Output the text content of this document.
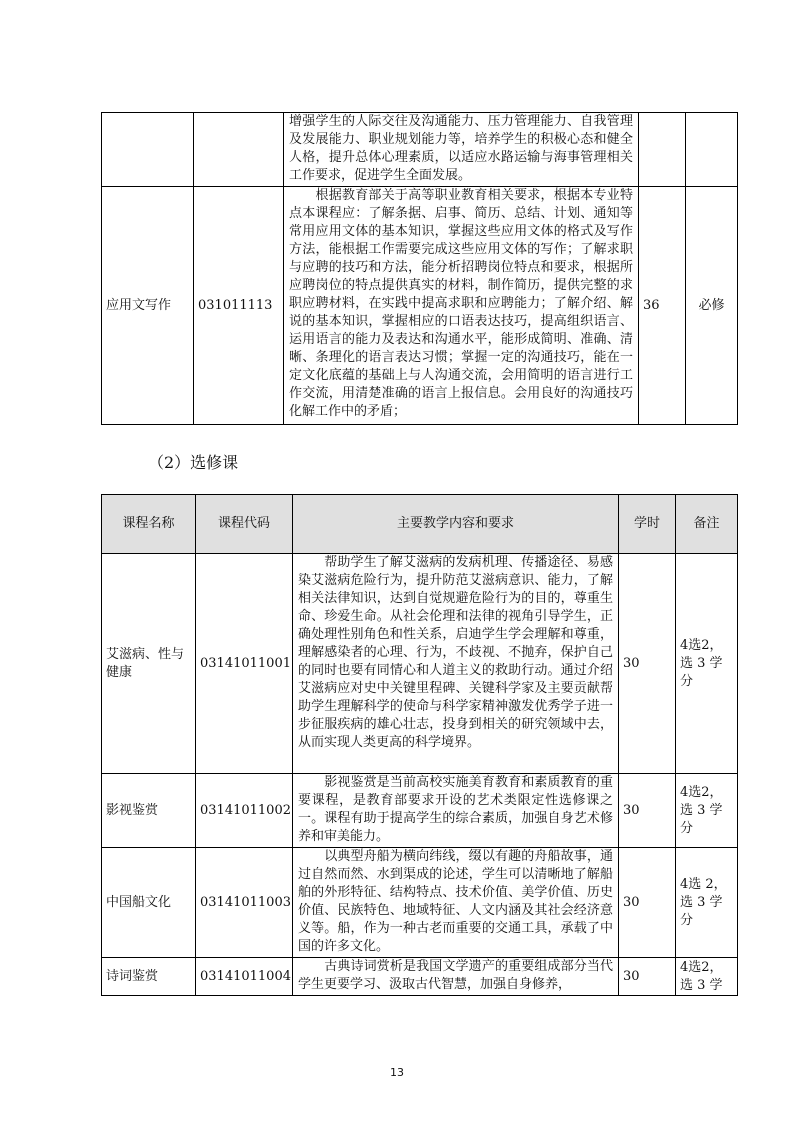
		增强学生的人际交往及沟通能力、压力管理能力、自我管理及发展能力、职业规划能力等，培养学生的积极心态和健全人格，提升总体心理素质，以适应水路运输与海事管理相关工作要求，促进学生全面发展。		
应用文写作	031011113	　　根据教育部关于高等职业教育相关要求，根据本专业特点本课程应：了解条据、启事、简历、总结、计划、通知等常用应用文体的基本知识，掌握这些应用文体的格式及写作方法，能根据工作需要完成这些应用文体的写作；了解求职与应聘的技巧和方法，能分析招聘岗位特点和要求，根据所应聘岗位的特点提供真实的材料，制作简历，提供完整的求职应聘材料，在实践中提高求职和应聘能力；了解介绍、解说的基本知识，掌握相应的口语表达技巧，提高组织语言、运用语言的能力及表达和沟通水平，能形成简明、准确、清晰、条理化的语言表达习惯；掌握一定的沟通技巧，能在一定文化底蕴的基础上与人沟通交流，会用简明的语言进行工作交流，用清楚准确的语言上报信息。会用良好的沟通技巧化解工作中的矛盾；	36	必修
（2）选修课
课程名称	课程代码	主要教学内容和要求	学时	备注
艾滋病、性与健康	03141011001	　　帮助学生了解艾滋病的发病机理、传播途径、易感染艾滋病危险行为，提升防范艾滋病意识、能力，了解相关法律知识，达到自觉规避危险行为的目的，尊重生命、珍爱生命。从社会伦理和法律的视角引导学生，正确处理性别角色和性关系，启迪学生学会理解和尊重，理解感染者的心理、行为，不歧视、不抛弃，保护自己的同时也要有同情心和人道主义的救助行动。通过介绍艾滋病应对史中关键里程碑、关键科学家及主要贡献帮助学生理解科学的使命与科学家精神激发优秀学子进一步征服疾病的雄心壮志，投身到相关的研究领域中去，从而实现人类更高的科学境界。	30	4选2，选 3 学分
影视鉴赏	03141011002	　　影视鉴赏是当前高校实施美育教育和素质教育的重要课程，是教育部要求开设的艺术类限定性选修课之一。课程有助于提高学生的综合素质，加强自身艺术修养和审美能力。	30	4选2，选 3 学分
中国船文化	03141011003	　　以典型舟船为横向纬线，缀以有趣的舟船故事，通过自然而然、水到渠成的论述，学生可以清晰地了解船舶的外形特征、结构特点、技术价值、美学价值、历史价值、民族特色、地域特征、人文内涵及其社会经济意义等。船，作为一种古老而重要的交通工具，承载了中国的许多文化。	30	4选 2，选 3 学分
诗词鉴赏	03141011004	　　古典诗词赏析是我国文学遗产的重要组成部分当代学生更要学习、汲取古代智慧，加强自身修养，	30	4选2，选 3 学
13
